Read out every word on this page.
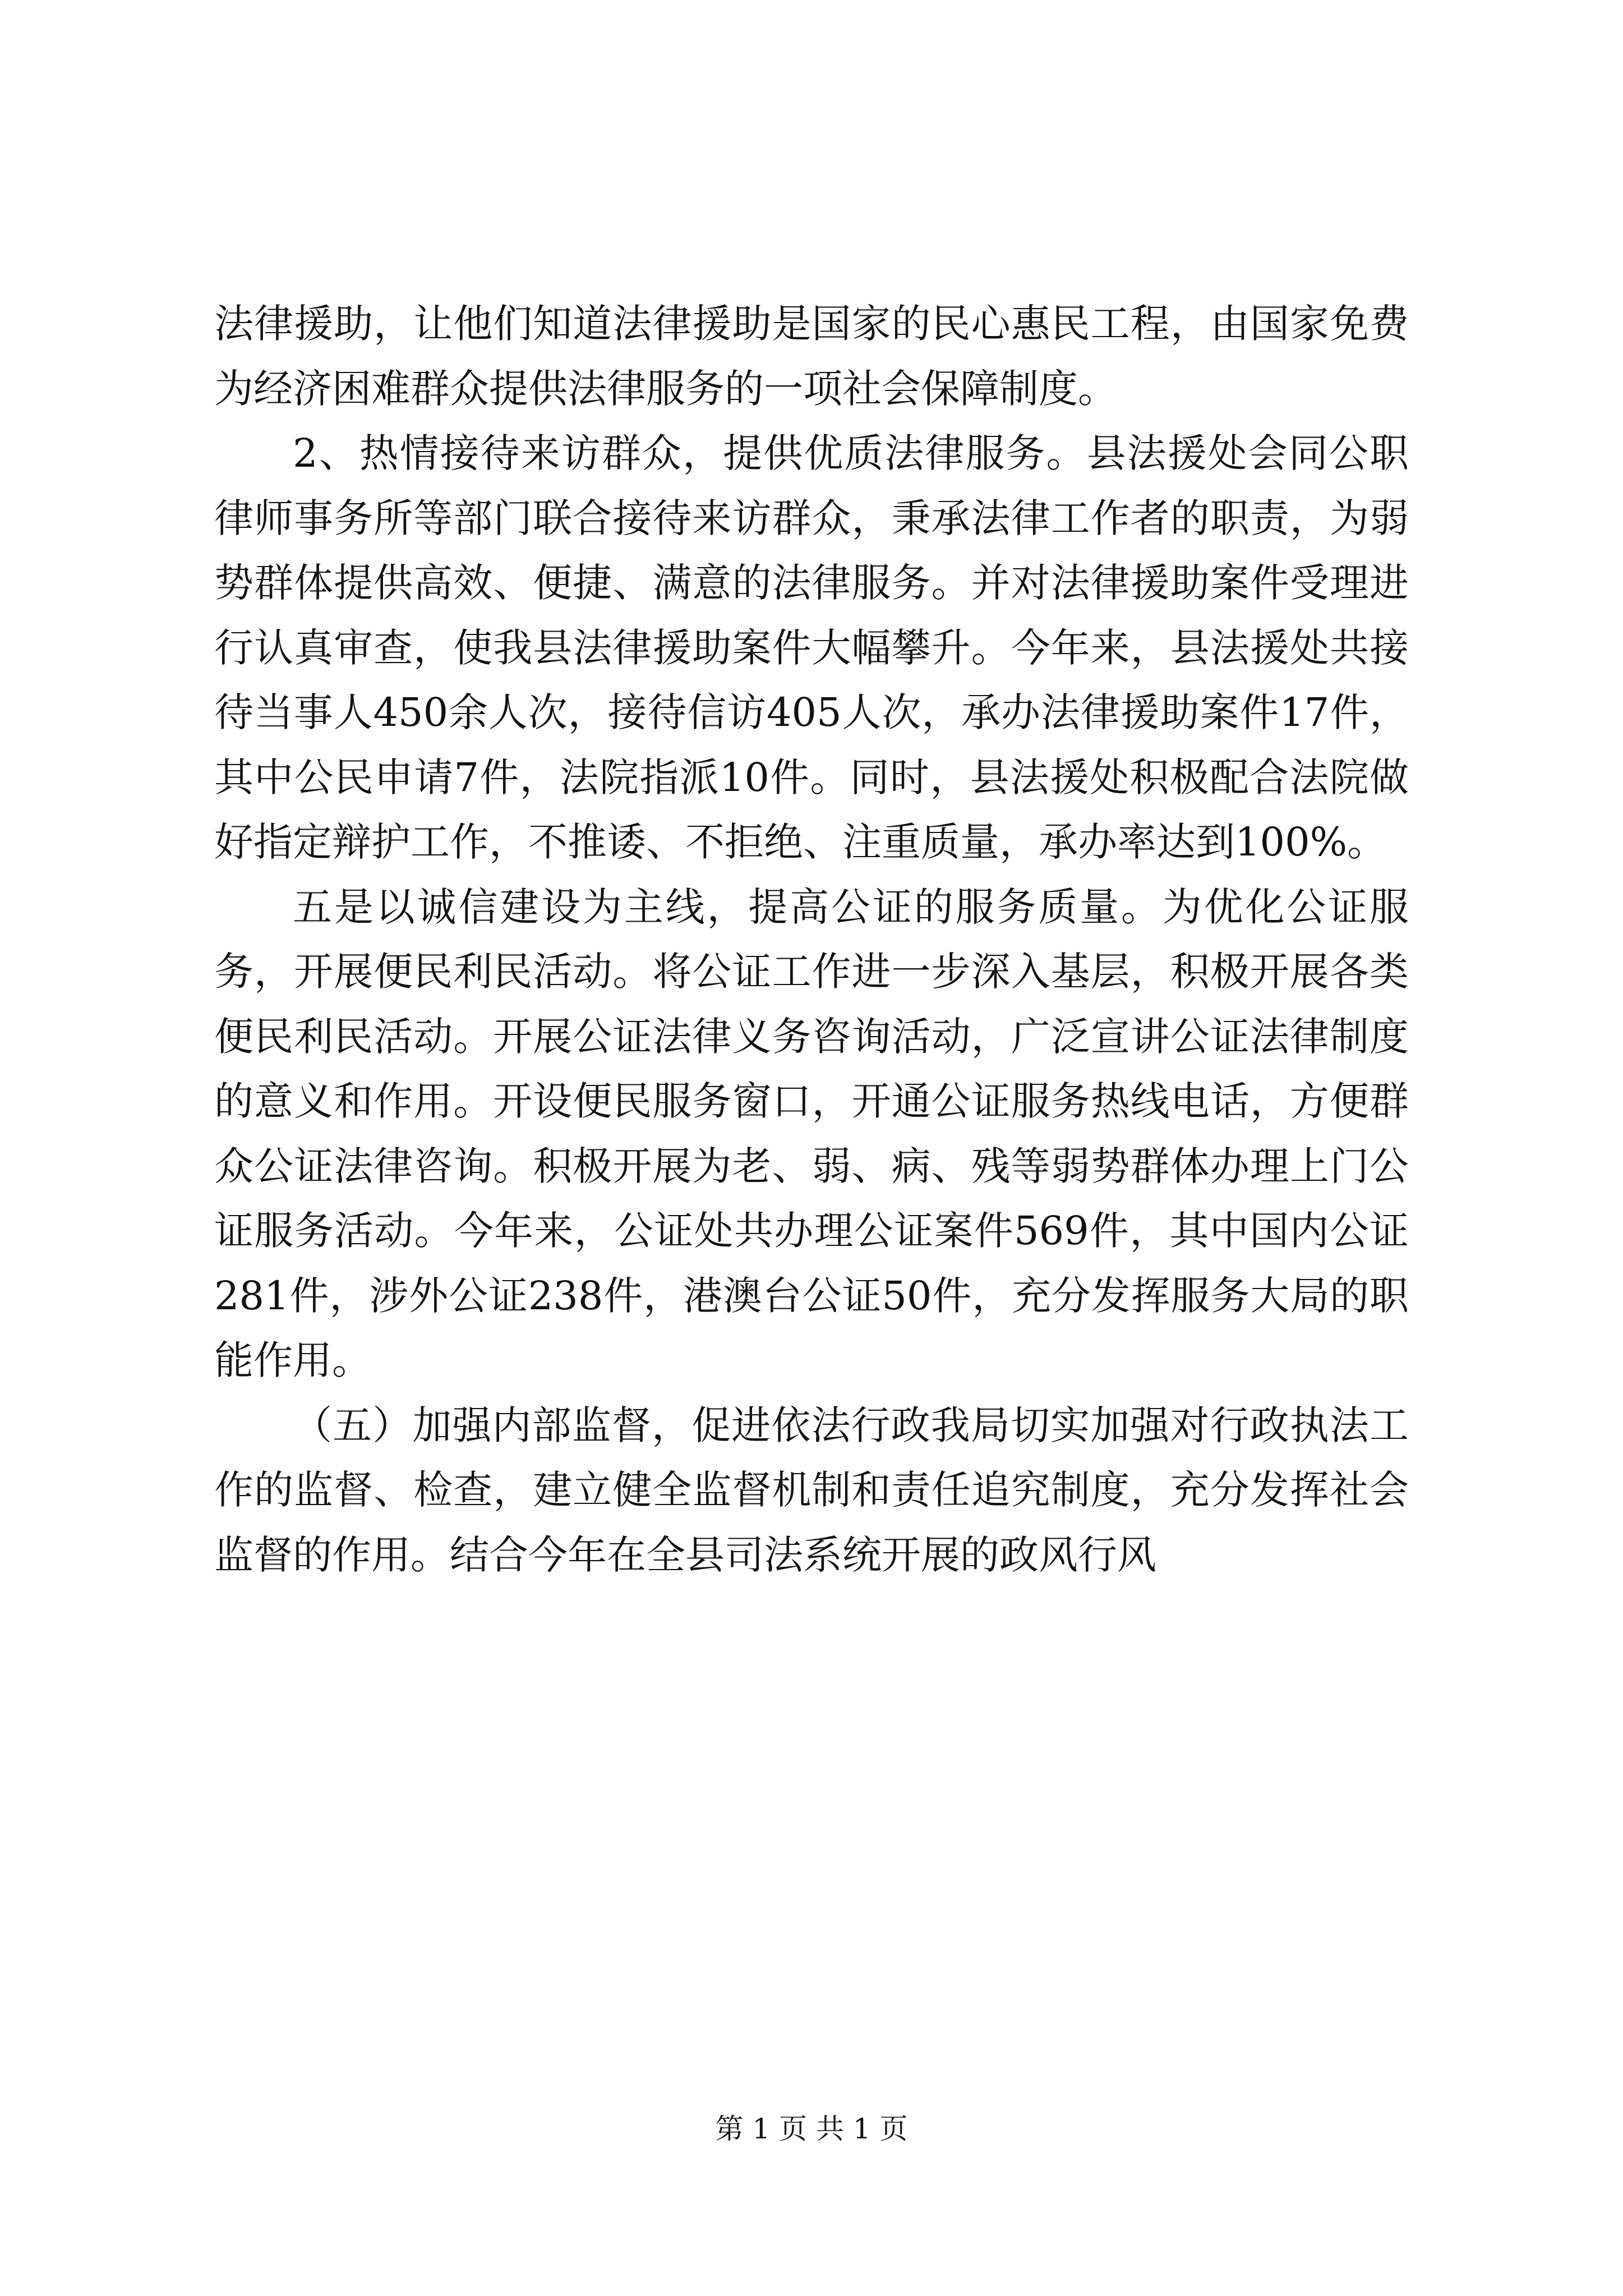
法律援助，让他们知道法律援助是国家的民心惠民工程，由国家免费为经济困难群众提供法律服务的一项社会保障制度。

2、热情接待来访群众，提供优质法律服务。县法援处会同公职律师事务所等部门联合接待来访群众，秉承法律工作者的职责，为弱势群体提供高效、便捷、满意的法律服务。并对法律援助案件受理进行认真审查，使我县法律援助案件大幅攀升。今年来，县法援处共接待当事人450余人次，接待信访405人次，承办法律援助案件17件，其中公民申请7件，法院指派10件。同时，县法援处积极配合法院做好指定辩护工作，不推诿、不拒绝、注重质量，承办率达到100%。

五是以诚信建设为主线，提高公证的服务质量。为优化公证服务，开展便民利民活动。将公证工作进一步深入基层，积极开展各类便民利民活动。开展公证法律义务咨询活动，广泛宣讲公证法律制度的意义和作用。开设便民服务窗口，开通公证服务热线电话，方便群众公证法律咨询。积极开展为老、弱、病、残等弱势群体办理上门公证服务活动。今年来，公证处共办理公证案件569件，其中国内公证281件，涉外公证238件，港澳台公证50件，充分发挥服务大局的职能作用。

（五）加强内部监督，促进依法行政我局切实加强对行政执法工作的监督、检查，建立健全监督机制和责任追究制度，充分发挥社会监督的作用。结合今年在全县司法系统开展的政风行风

第 1 页 共 1 页
